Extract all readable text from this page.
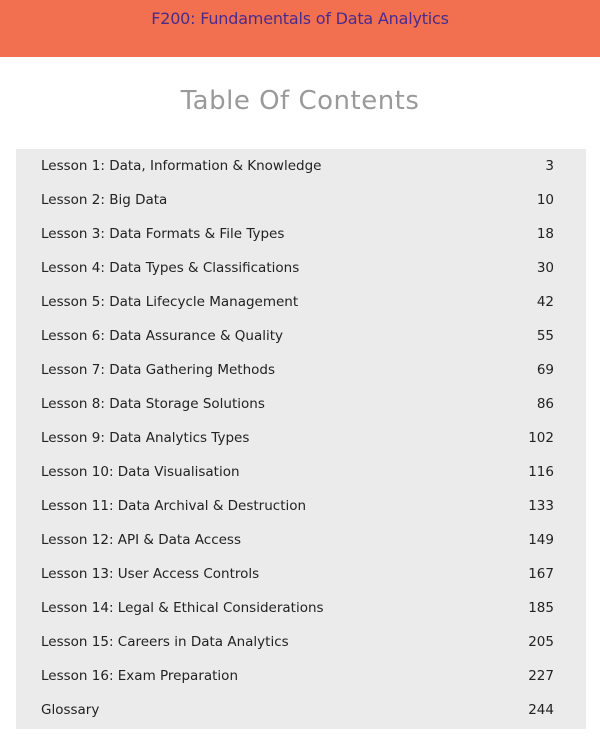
F200: Fundamentals of Data Analytics
Table Of Contents
Lesson 1: Data, Information & Knowledge	3
Lesson 2: Big Data	10
Lesson 3: Data Formats & File Types	18
Lesson 4: Data Types & Classifications	30
Lesson 5: Data Lifecycle Management	42
Lesson 6: Data Assurance & Quality	55
Lesson 7: Data Gathering Methods	69
Lesson 8: Data Storage Solutions	86
Lesson 9: Data Analytics Types	102
Lesson 10: Data Visualisation	116
Lesson 11: Data Archival & Destruction	133
Lesson 12: API & Data Access	149
Lesson 13: User Access Controls	167
Lesson 14: Legal & Ethical Considerations	185
Lesson 15: Careers in Data Analytics	205
Lesson 16: Exam Preparation	227
Glossary	244
